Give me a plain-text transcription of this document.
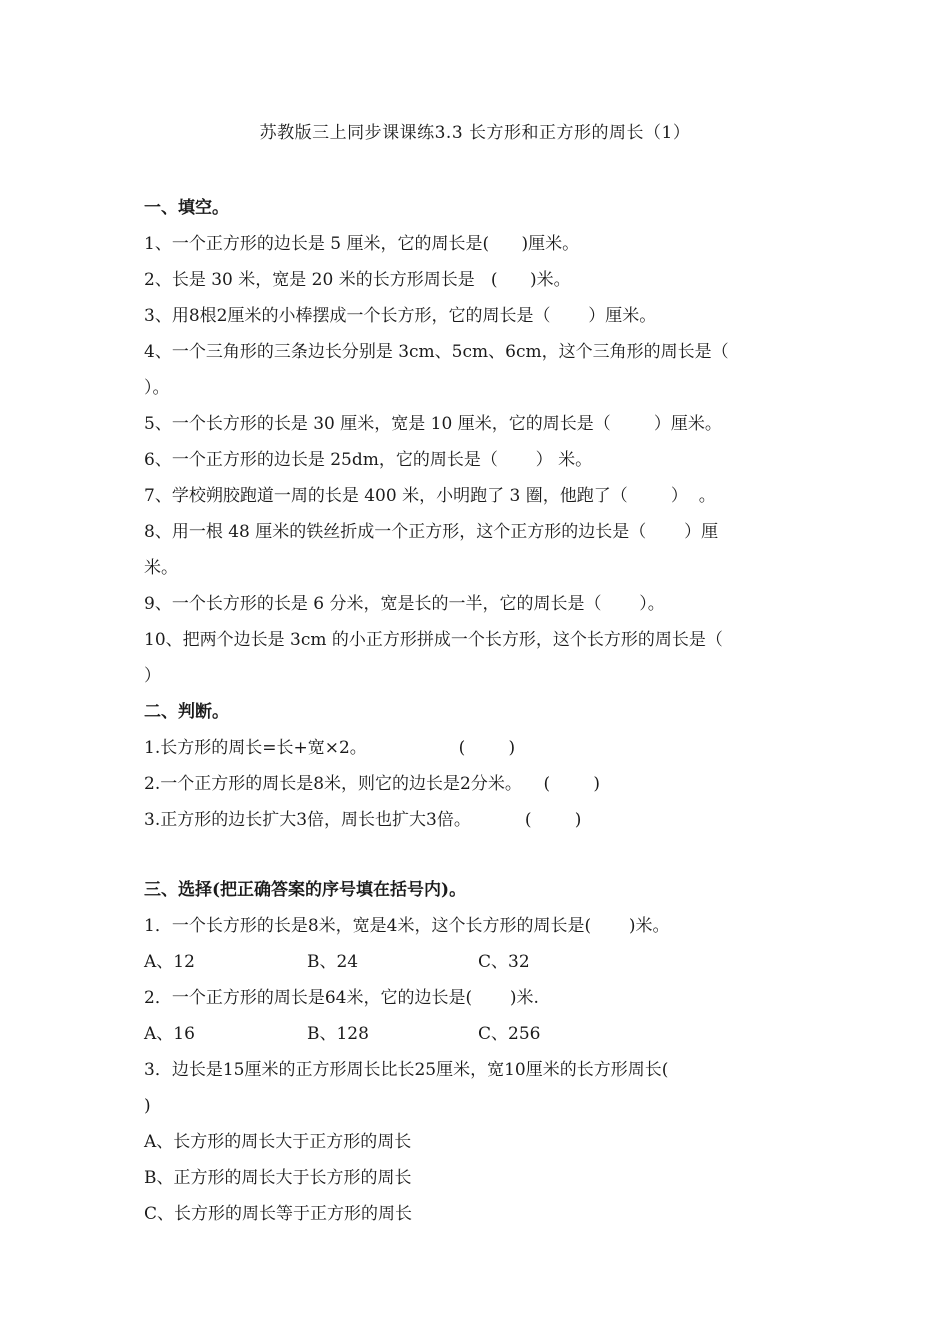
苏教版三上同步课课练3.3 长方形和正方形的周长（1）
一、填空。
1、一个正方形的边长是 5 厘米，它的周长是(      )厘米。
2、长是 30 米，宽是 20 米的长方形周长是   (      )米。
3、用8根2厘米的小棒摆成一个长方形，它的周长是（       ）厘米。
4、一个三角形的三条边长分别是 3cm、5cm、6cm，这个三角形的周长是（
）。
5、一个长方形的长是 30 厘米，宽是 10 厘米，它的周长是（        ）厘米。
6、一个正方形的边长是 25dm，它的周长是（       ） 米。
7、学校朔胶跑道一周的长是 400 米，小明跑了 3 圈，他跑了（        ）  。
8、用一根 48 厘米的铁丝折成一个正方形，这个正方形的边长是（       ）厘
米。
9、一个长方形的长是 6 分米，宽是长的一半，它的周长是（       ）。
10、把两个边长是 3cm 的小正方形拼成一个长方形，这个长方形的周长是（
）
二、判断。
1.长方形的周长=长+宽×2。                 (        )
2.一个正方形的周长是8米，则它的边长是2分米。    (        )
3.正方形的边长扩大3倍，周长也扩大3倍。          (        )
三、选择(把正确答案的序号填在括号内)。
1．一个长方形的长是8米，宽是4米，这个长方形的周长是(       )米。
A、12	B、24	C、32
2．一个正方形的周长是64米，它的边长是(       )米.
A、16	B、128	C、256
3．边长是15厘米的正方形周长比长25厘米，宽10厘米的长方形周长(
)
A、长方形的周长大于正方形的周长
B、正方形的周长大于长方形的周长
C、长方形的周长等于正方形的周长
